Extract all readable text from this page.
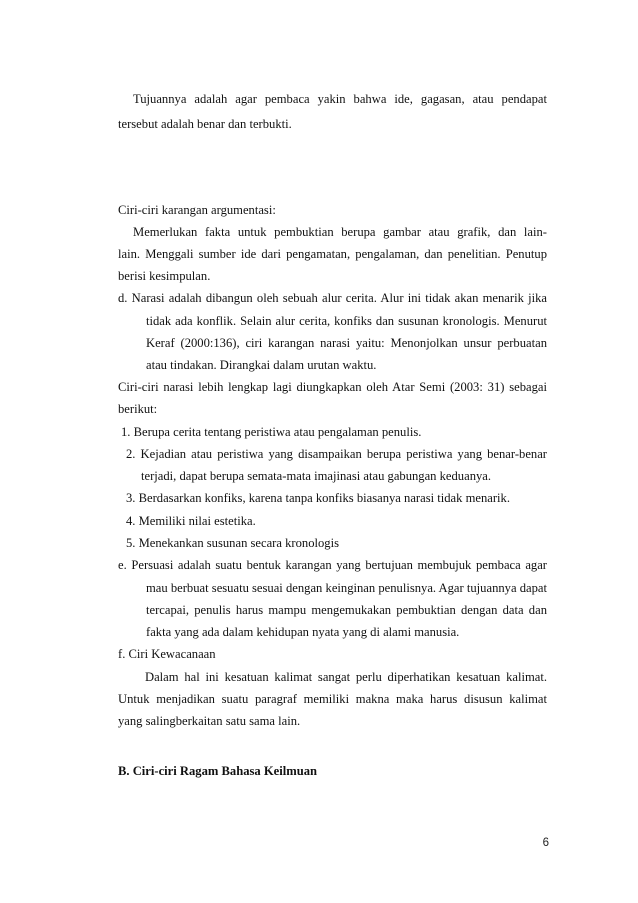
Tujuannya adalah agar pembaca yakin bahwa ide, gagasan, atau pendapat
tersebut adalah benar dan terbukti.
Ciri-ciri karangan argumentasi:
Memerlukan fakta untuk pembuktian berupa gambar atau grafik, dan lain-
lain. Menggali sumber ide dari pengamatan, pengalaman, dan penelitian. Penutup
berisi kesimpulan.
d. Narasi adalah dibangun oleh sebuah alur cerita. Alur ini tidak akan menarik jika
tidak ada konflik. Selain alur cerita, konfiks dan susunan kronologis. Menurut
Keraf (2000:136), ciri karangan narasi yaitu: Menonjolkan unsur perbuatan
atau tindakan. Dirangkai dalam urutan waktu.
Ciri-ciri narasi lebih lengkap lagi diungkapkan oleh Atar Semi (2003: 31) sebagai
berikut:
1. Berupa cerita tentang peristiwa atau pengalaman penulis.
2. Kejadian atau peristiwa yang disampaikan berupa peristiwa yang benar-benar
terjadi, dapat berupa semata-mata imajinasi atau gabungan keduanya.
3. Berdasarkan konfiks, karena tanpa konfiks biasanya narasi tidak menarik.
4. Memiliki nilai estetika.
5. Menekankan susunan secara kronologis
e. Persuasi adalah suatu bentuk karangan yang bertujuan membujuk pembaca agar
mau berbuat sesuatu sesuai dengan keinginan penulisnya. Agar tujuannya dapat
tercapai, penulis harus mampu mengemukakan pembuktian dengan data dan
fakta yang ada dalam kehidupan nyata yang di alami manusia.
f. Ciri Kewacanaan
Dalam hal ini kesatuan kalimat sangat perlu diperhatikan kesatuan kalimat.
Untuk menjadikan suatu paragraf memiliki makna maka harus disusun kalimat
yang salingberkaitan satu sama lain.
B. Ciri-ciri Ragam Bahasa Keilmuan
6
